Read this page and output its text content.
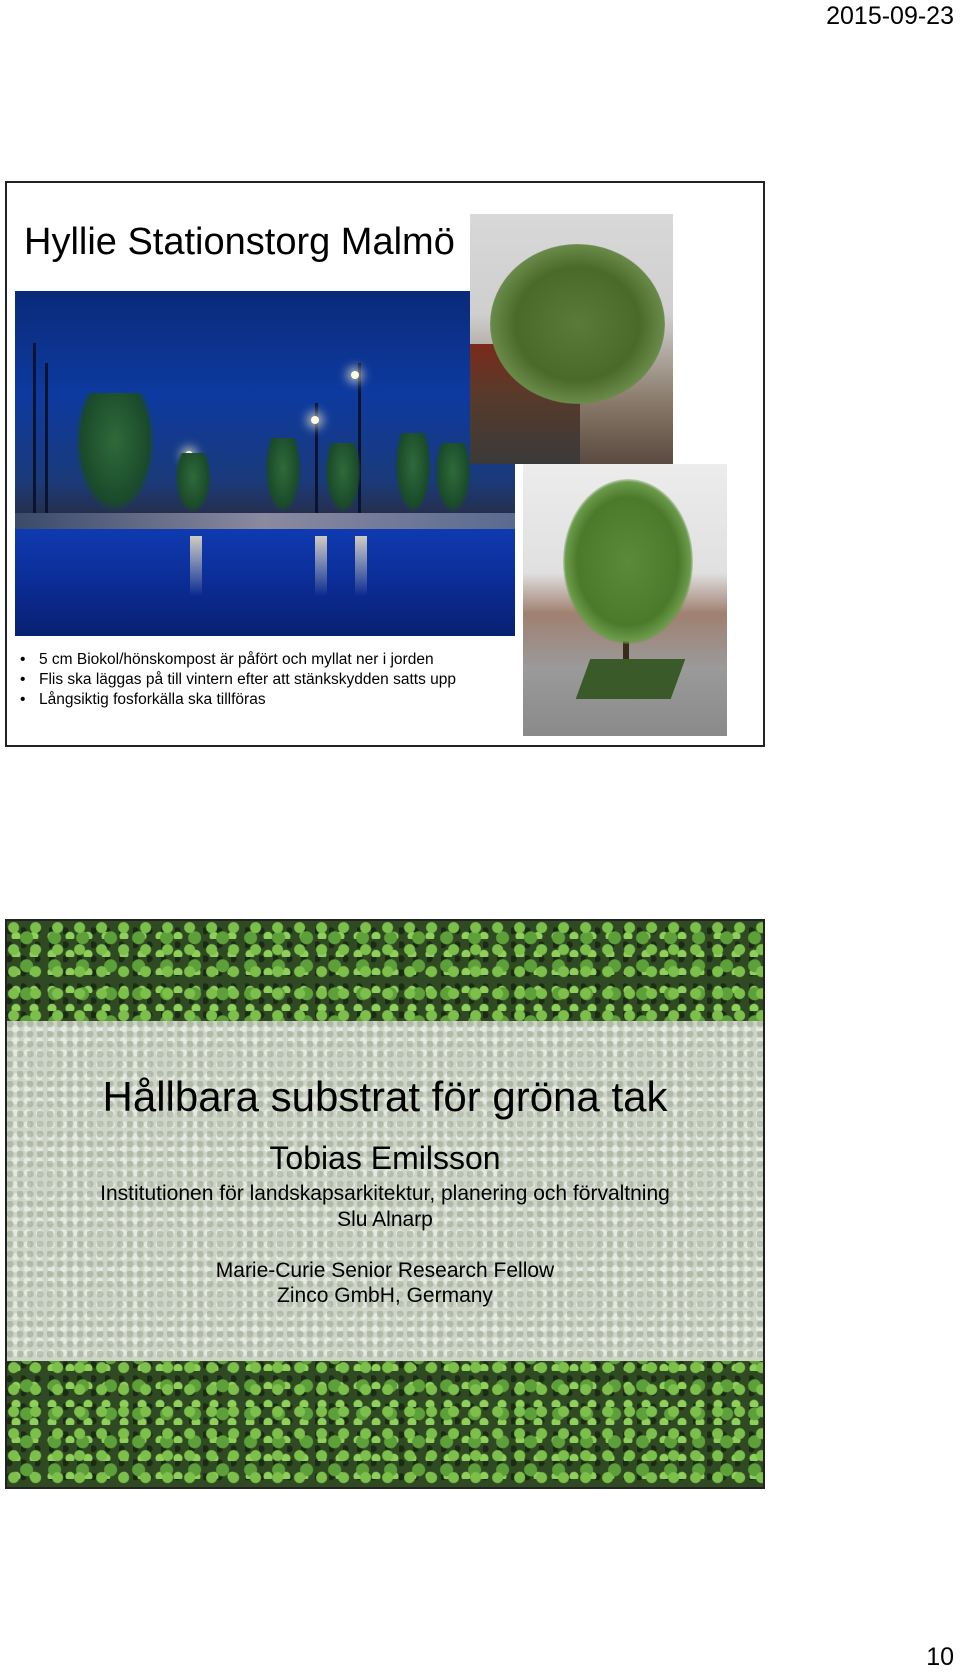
2015-09-23
Hyllie Stationstorg Malmö
• 5 cm Biokol/hönskompost är påfört och myllat ner i jorden
• Flis ska läggas på till vintern efter att stänkskydden satts upp
• Långsiktig fosforkälla ska tillföras
Hållbara substrat för gröna tak
Tobias Emilsson
Institutionen för landskapsarkitektur, planering och förvaltning
Slu Alnarp
Marie-Curie Senior Research Fellow
Zinco GmbH, Germany
10
